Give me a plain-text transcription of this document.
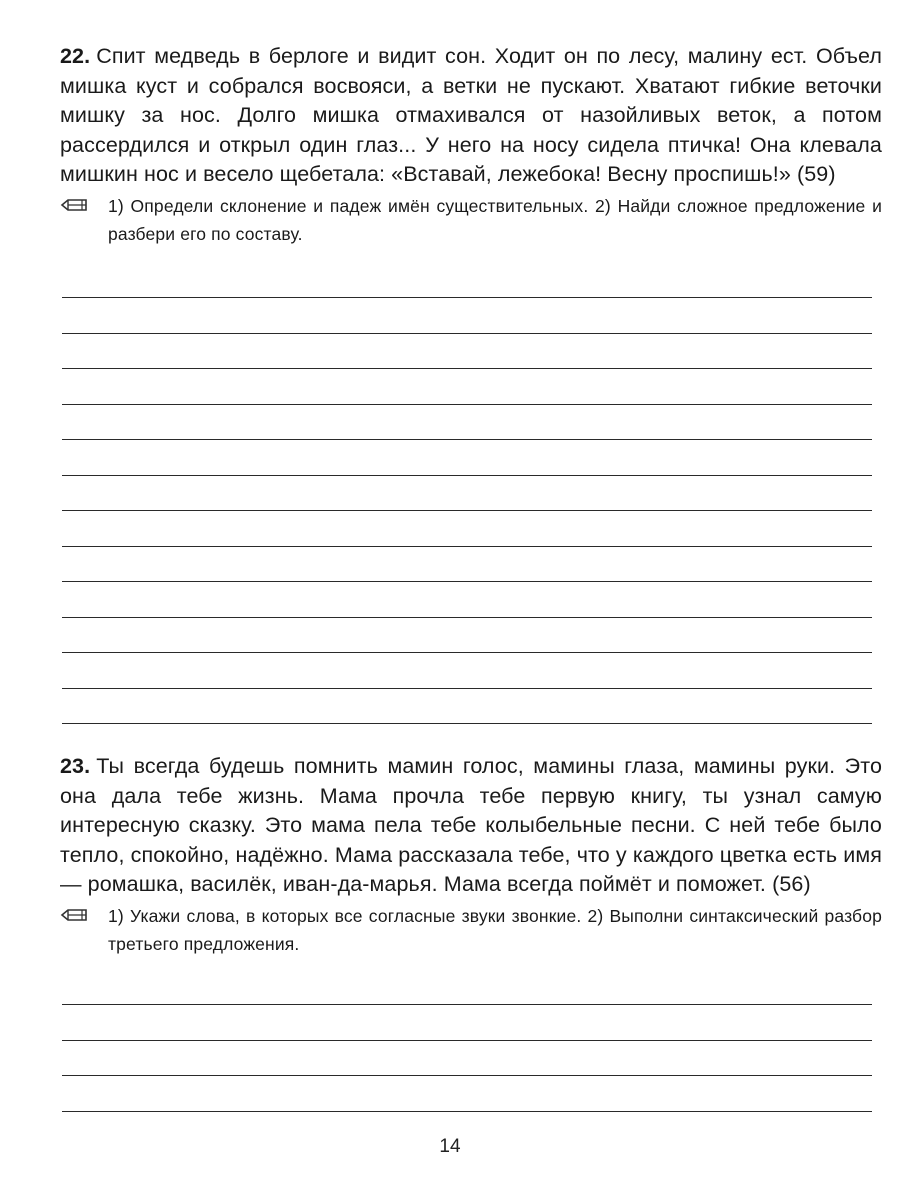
22. Спит медведь в берлоге и видит сон. Ходит он по лесу, малину ест. Объел мишка куст и собрался восвояси, а ветки не пускают. Хватают гибкие веточки мишку за нос. Долго мишка отмахивался от назойливых веток, а потом рассердился и открыл один глаз... У него на носу сидела птичка! Она клевала мишкин нос и весело щебетала: «Вставай, лежебока! Весну проспишь!» (59)

1) Определи склонение и падеж имён существительных. 2) Найди сложное предложение и разбери его по составу.

23. Ты всегда будешь помнить мамин голос, мамины глаза, мамины руки. Это она дала тебе жизнь. Мама прочла тебе первую книгу, ты узнал самую интересную сказку. Это мама пела тебе колыбельные песни. С ней тебе было тепло, спокойно, надёжно. Мама рассказала тебе, что у каждого цветка есть имя — ромашка, василёк, иван-да-марья. Мама всегда поймёт и поможет. (56)

1) Укажи слова, в которых все согласные звуки звонкие. 2) Выполни синтаксический разбор третьего предложения.
14
